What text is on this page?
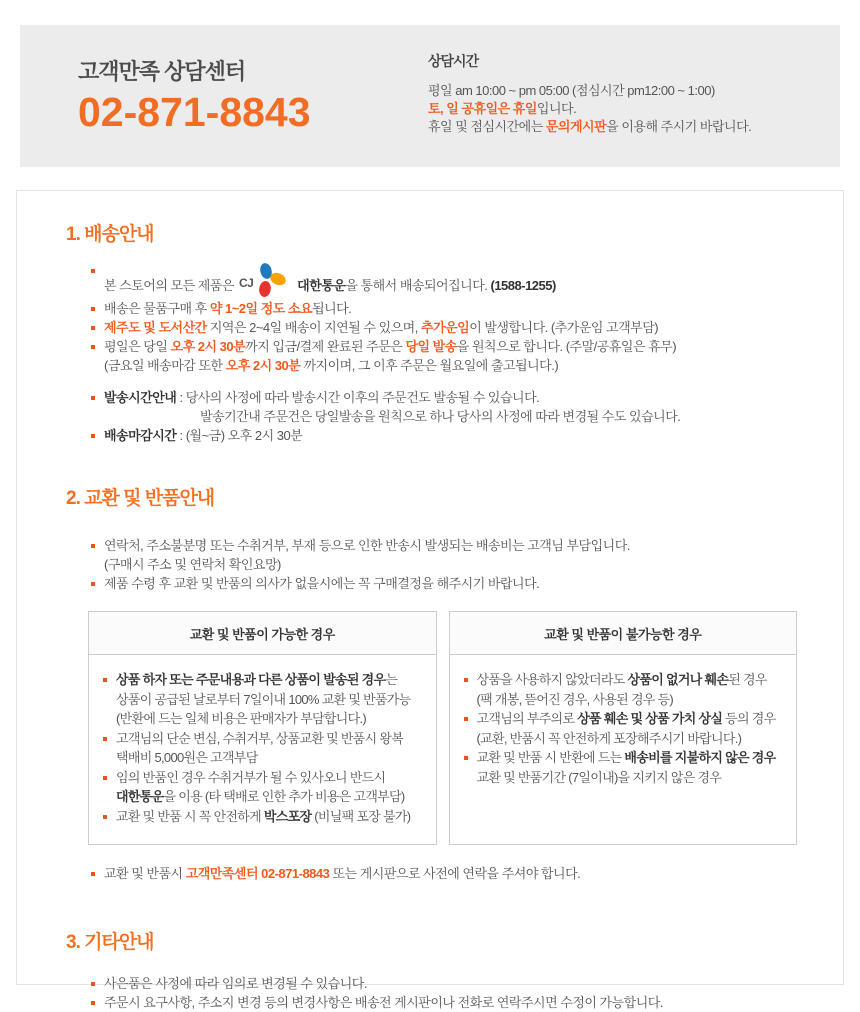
고객만족 상담센터
02-871-8843
상담시간
평일 am 10:00 ~ pm 05:00 (점심시간 pm12:00 ~ 1:00)
토, 일 공휴일은 휴일입니다.
휴일 및 점심시간에는 문의게시판을 이용해 주시기 바랍니다.
1. 배송안내
본 스토어의 모든 제품은 CJ	대한통운을 통해서 배송되어집니다. (1588-1255)
배송은 물품구매 후 약 1~2일 정도 소요됩니다.
제주도 및 도서산간 지역은 2~4일 배송이 지연될 수 있으며, 추가운임이 발생합니다. (추가운임 고객부담)
평일은 당일 오후 2시 30분까지 입금/결제 완료된 주문은 당일 발송을 원칙으로 합니다. (주말/공휴일은 휴무)
(금요일 배송마감 또한 오후 2시 30분 까지이며, 그 이후 주문은 월요일에 출고됩니다.)
발송시간안내 : 당사의 사정에 따라 발송시간 이후의 주문건도 발송될 수 있습니다.
발송기간내 주문건은 당일발송을 원칙으로 하나 당사의 사정에 따라 변경될 수도 있습니다.
배송마감시간 : (월~금) 오후 2시 30분
2. 교환 및 반품안내
연락처, 주소불분명 또는 수취거부, 부재 등으로 인한 반송시 발생되는 배송비는 고객님 부담입니다.
(구매시 주소 및 연락처 확인요망)
제품 수령 후 교환 및 반품의 의사가 없을시에는 꼭 구매결정을 해주시기 바랍니다.
교환 및 반품이 가능한 경우
상품 하자 또는 주문내용과 다른 상품이 발송된 경우는
상품이 공급된 날로부터 7일이내 100% 교환 및 반품가능
(반환에 드는 일체 비용은 판매자가 부담합니다.)
고객님의 단순 변심, 수취거부, 상품교환 및 반품시 왕복
택배비 5,000원은 고객부담
임의 반품인 경우 수취거부가 될 수 있사오니 반드시
대한통운을 이용 (타 택배로 인한 추가 비용은 고객부담)
교환 및 반품 시 꼭 안전하게 박스포장 (비닐팩 포장 불가)
교환 및 반품이 불가능한 경우
상품을 사용하지 않았더라도 상품이 없거나 훼손된 경우
(팩 개봉, 뜯어진 경우, 사용된 경우 등)
고객님의 부주의로 상품 훼손 및 상품 가치 상실 등의 경우
(교환, 반품시 꼭 안전하게 포장해주시기 바랍니다.)
교환 및 반품 시 반환에 드는 배송비를 지불하지 않은 경우
교환 및 반품기간 (7일이내)을 지키지 않은 경우
교환 및 반품시 고객만족센터 02-871-8843 또는 게시판으로 사전에 연락을 주셔야 합니다.
3. 기타안내
사은품은 사정에 따라 임의로 변경될 수 있습니다.
주문시 요구사항, 주소지 변경 등의 변경사항은 배송전 게시판이나 전화로 연락주시면 수정이 가능합니다.
